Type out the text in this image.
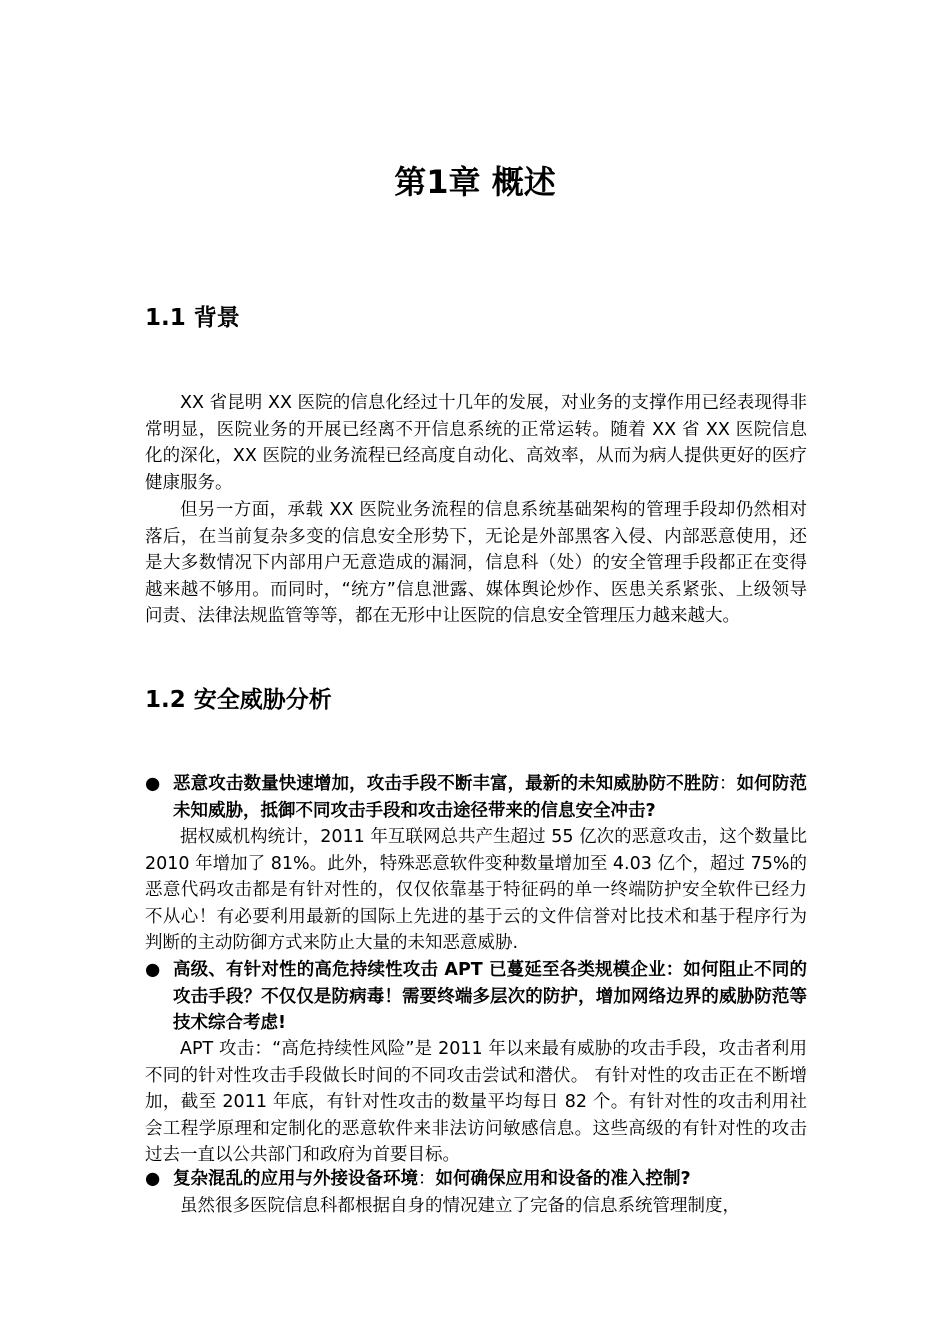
第1章 概述
1.1 背景

XX 省昆明 XX 医院的信息化经过十几年的发展，对业务的支撑作用已经表现得非常明显，医院业务的开展已经离不开信息系统的正常运转。随着 XX 省 XX 医院信息化的深化，XX 医院的业务流程已经高度自动化、高效率，从而为病人提供更好的医疗健康服务。

但另一方面，承载 XX 医院业务流程的信息系统基础架构的管理手段却仍然相对落后，在当前复杂多变的信息安全形势下，无论是外部黑客入侵、内部恶意使用，还是大多数情况下内部用户无意造成的漏洞，信息科（处）的安全管理手段都正在变得越来越不够用。而同时，“统方”信息泄露、媒体舆论炒作、医患关系紧张、上级领导问责、法律法规监管等等，都在无形中让医院的信息安全管理压力越来越大。

1.2 安全威胁分析
● 恶意攻击数量快速增加，攻击手段不断丰富，最新的未知威胁防不胜防：如何防范未知威胁，抵御不同攻击手段和攻击途径带来的信息安全冲击?

据权威机构统计，2011 年互联网总共产生超过 55 亿次的恶意攻击，这个数量比 2010 年增加了 81%。此外，特殊恶意软件变种数量增加至 4.03 亿个，超过 75%的恶意代码攻击都是有针对性的，仅仅依靠基于特征码的单一终端防护安全软件已经力不从心！有必要利用最新的国际上先进的基于云的文件信誉对比技术和基于程序行为判断的主动防御方式来防止大量的未知恶意威胁.

● 高级、有针对性的高危持续性攻击 APT 已蔓延至各类规模企业：如何阻止不同的攻击手段？不仅仅是防病毒！需要终端多层次的防护，增加网络边界的威胁防范等技术综合考虑!

APT 攻击：“高危持续性风险”是 2011 年以来最有威胁的攻击手段，攻击者利用不同的针对性攻击手段做长时间的不同攻击尝试和潜伏。 有针对性的攻击正在不断增加，截至 2011 年底，有针对性攻击的数量平均每日 82 个。有针对性的攻击利用社会工程学原理和定制化的恶意软件来非法访问敏感信息。这些高级的有针对性的攻击过去一直以公共部门和政府为首要目标。

● 复杂混乱的应用与外接设备环境：如何确保应用和设备的准入控制?

虽然很多医院信息科都根据自身的情况建立了完备的信息系统管理制度，
